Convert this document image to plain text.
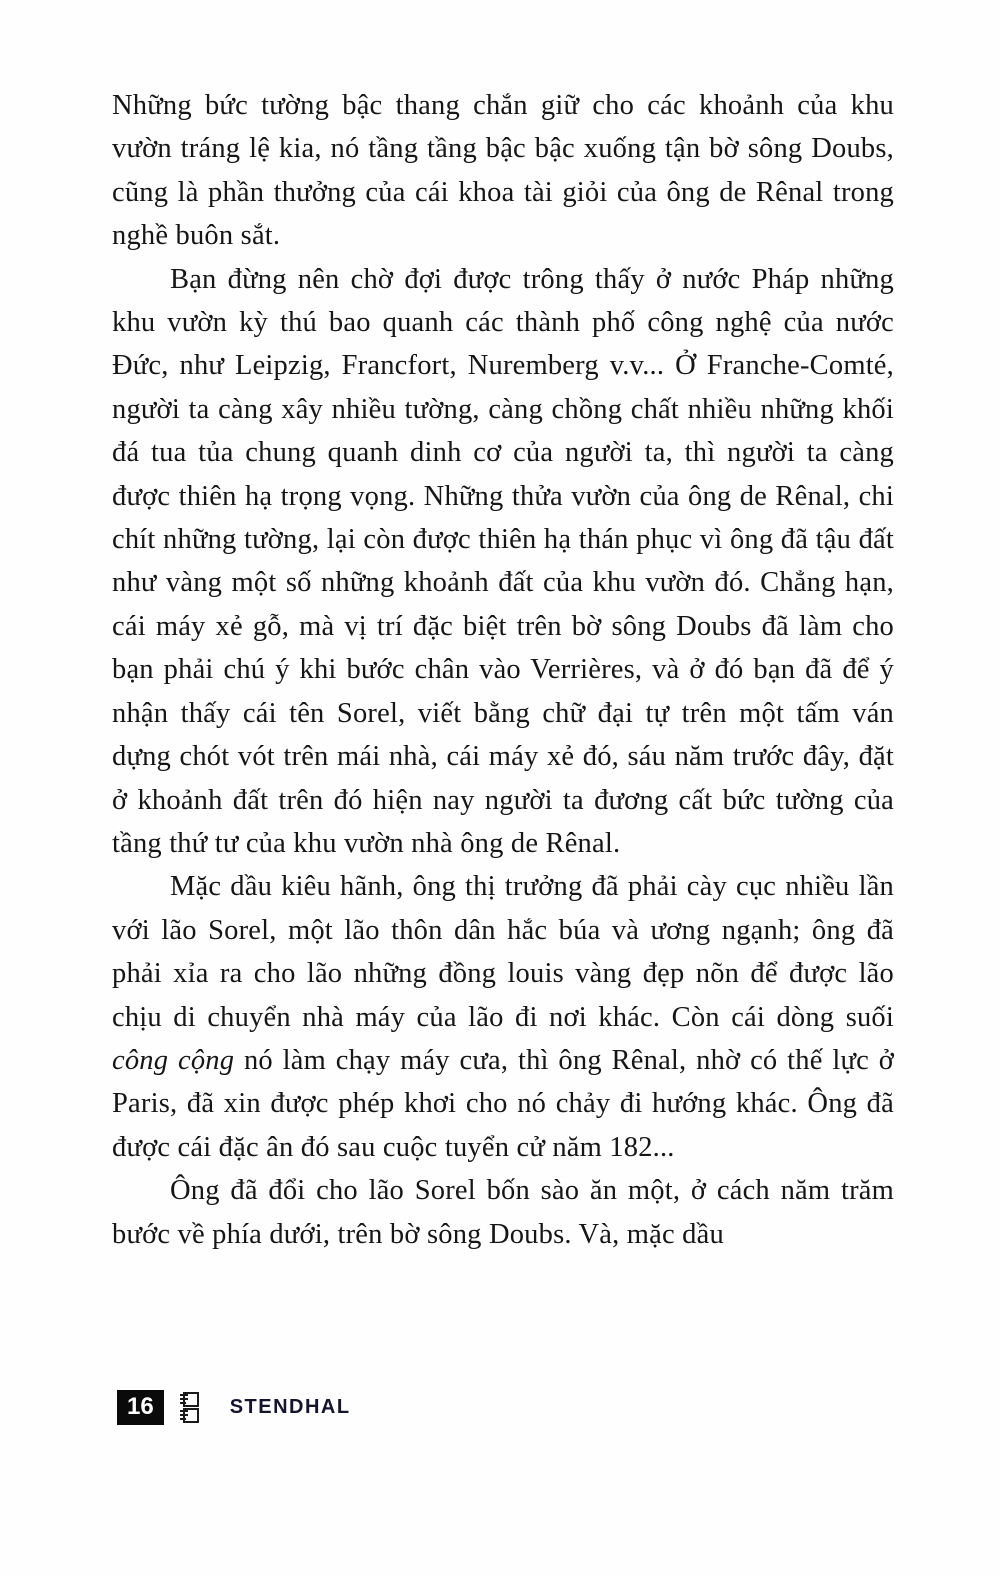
Những bức tường bậc thang chắn giữ cho các khoảnh của khu vườn tráng lệ kia, nó tầng tầng bậc bậc xuống tận bờ sông Doubs, cũng là phần thưởng của cái khoa tài giỏi của ông de Rênal trong nghề buôn sắt.

Bạn đừng nên chờ đợi được trông thấy ở nước Pháp những khu vườn kỳ thú bao quanh các thành phố công nghệ của nước Đức, như Leipzig, Francfort, Nuremberg v.v... Ở Franche-Comté, người ta càng xây nhiều tường, càng chồng chất nhiều những khối đá tua tủa chung quanh dinh cơ của người ta, thì người ta càng được thiên hạ trọng vọng. Những thửa vườn của ông de Rênal, chi chít những tường, lại còn được thiên hạ thán phục vì ông đã tậu đất như vàng một số những khoảnh đất của khu vườn đó. Chẳng hạn, cái máy xẻ gỗ, mà vị trí đặc biệt trên bờ sông Doubs đã làm cho bạn phải chú ý khi bước chân vào Verrières, và ở đó bạn đã để ý nhận thấy cái tên Sorel, viết bằng chữ đại tự trên một tấm ván dựng chót vót trên mái nhà, cái máy xẻ đó, sáu năm trước đây, đặt ở khoảnh đất trên đó hiện nay người ta đương cất bức tường của tầng thứ tư của khu vườn nhà ông de Rênal.

Mặc dầu kiêu hãnh, ông thị trưởng đã phải cày cục nhiều lần với lão Sorel, một lão thôn dân hắc búa và ương ngạnh; ông đã phải xỉa ra cho lão những đồng louis vàng đẹp nõn để được lão chịu di chuyển nhà máy của lão đi nơi khác. Còn cái dòng suối công cộng nó làm chạy máy cưa, thì ông Rênal, nhờ có thế lực ở Paris, đã xin được phép khơi cho nó chảy đi hướng khác. Ông đã được cái đặc ân đó sau cuộc tuyển cử năm 182...

Ông đã đổi cho lão Sorel bốn sào ăn một, ở cách năm trăm bước về phía dưới, trên bờ sông Doubs. Và, mặc dầu

16	STENDHAL
